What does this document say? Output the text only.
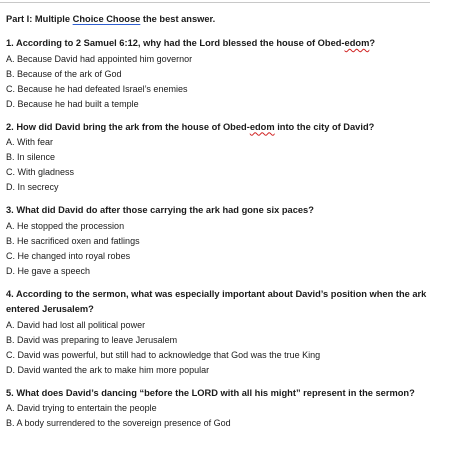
Part I: Multiple Choice Choose the best answer.

1. According to 2 Samuel 6:12, why had the Lord blessed the house of Obed-edom?

A. Because David had appointed him governor

B. Because of the ark of God

C. Because he had defeated Israel’s enemies

D. Because he had built a temple

2. How did David bring the ark from the house of Obed-edom into the city of David?

A. With fear

B. In silence

C. With gladness

D. In secrecy

3. What did David do after those carrying the ark had gone six paces?

A. He stopped the procession

B. He sacrificed oxen and fatlings

C. He changed into royal robes

D. He gave a speech

4. According to the sermon, what was especially important about David’s position when the ark entered Jerusalem?

A. David had lost all political power

B. David was preparing to leave Jerusalem

C. David was powerful, but still had to acknowledge that God was the true King

D. David wanted the ark to make him more popular

5. What does David’s dancing “before the LORD with all his might” represent in the sermon?

A. David trying to entertain the people

B. A body surrendered to the sovereign presence of God
